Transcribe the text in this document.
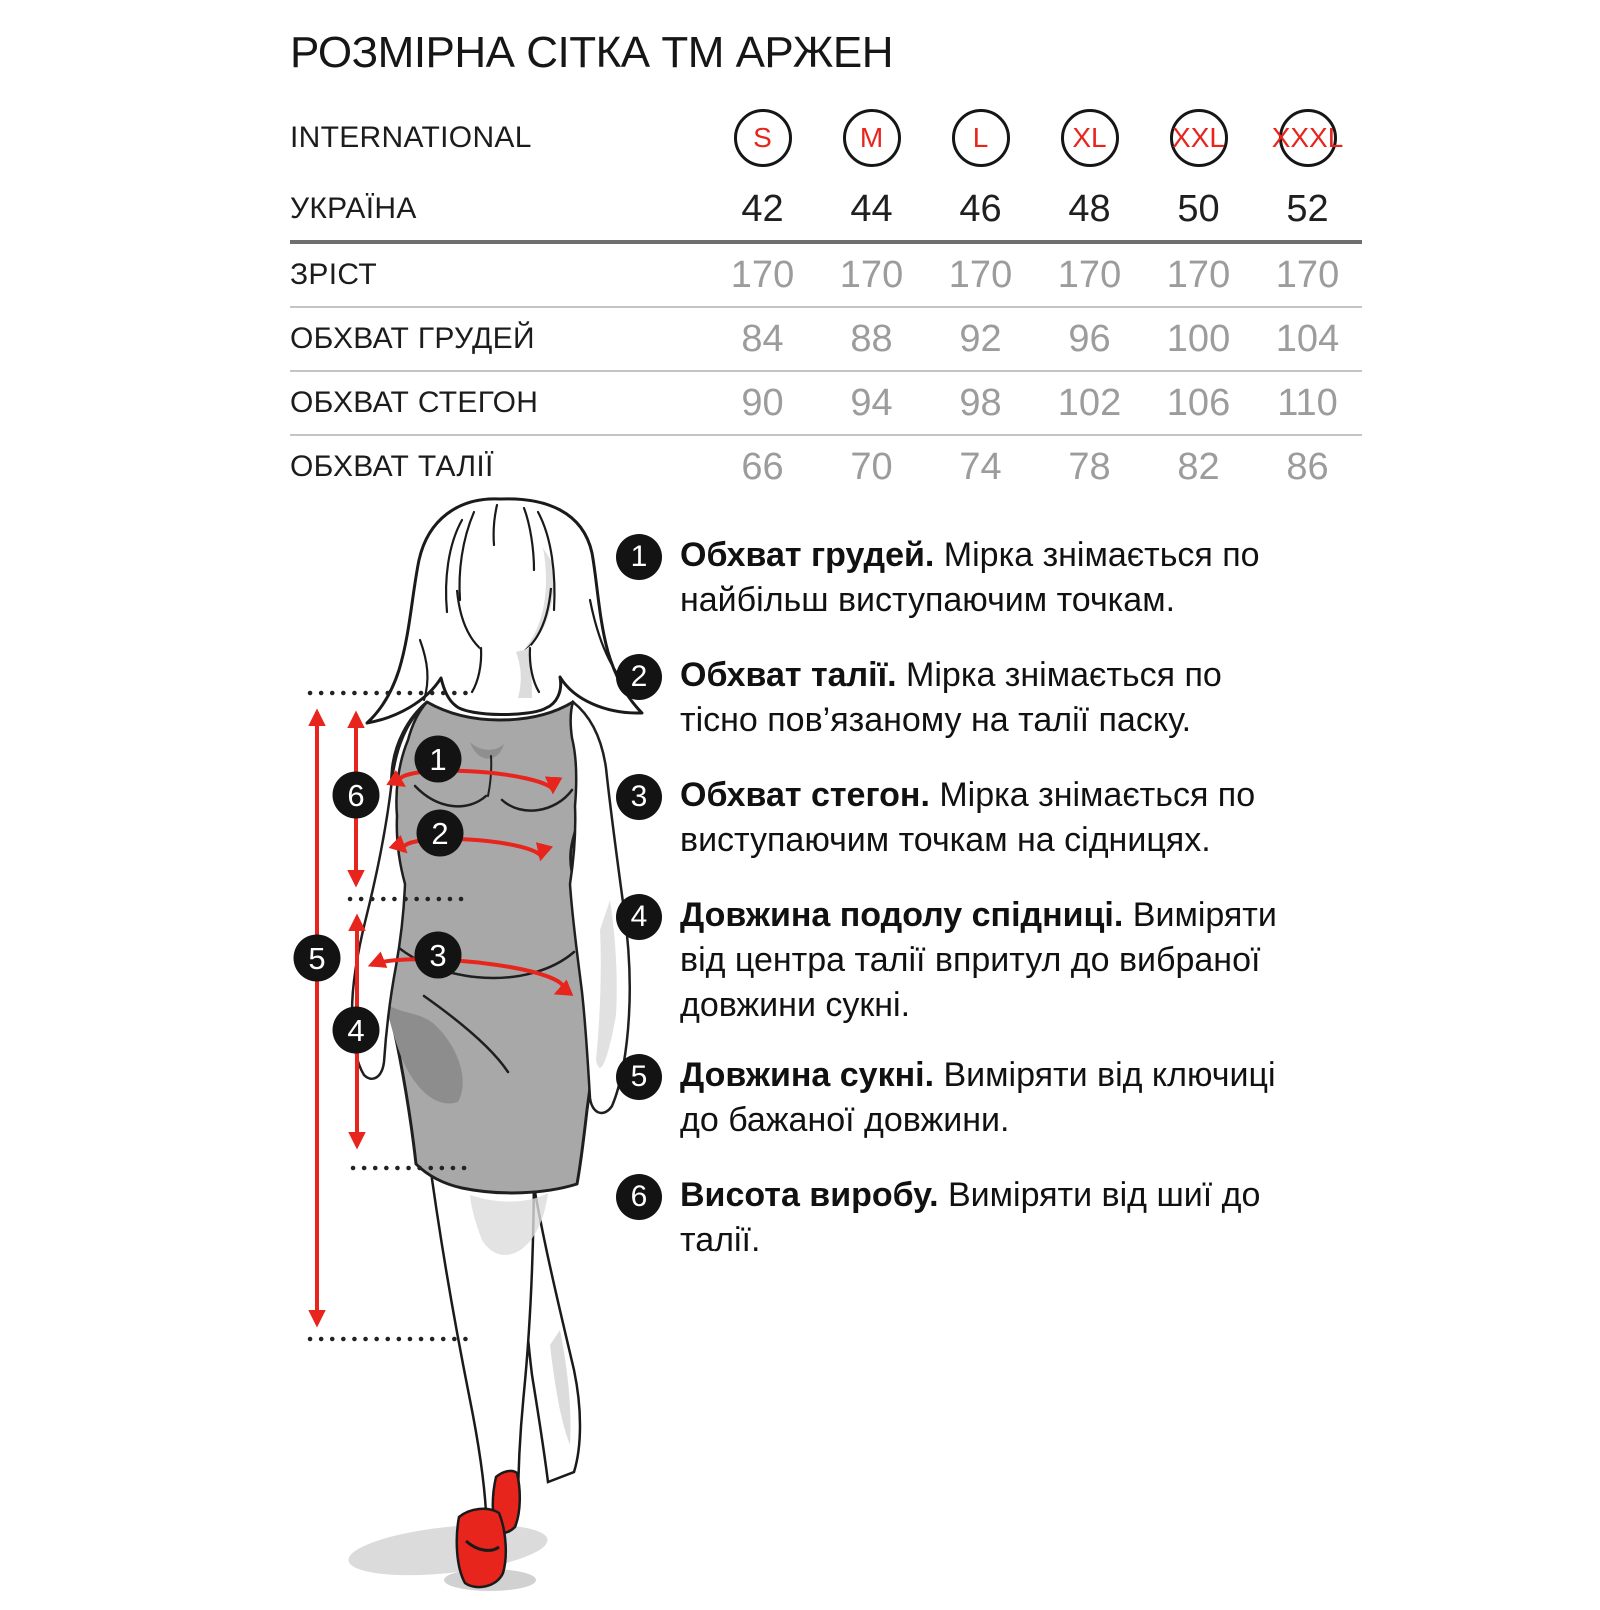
РОЗМІРНА СІТКА ТМ АРЖЕН
INTERNATIONAL	S	M	L	XL XXL XXXL
УКРАЇНА	42	44	46	48	50	52
ЗРІСТ	170	170	170	170	170	170
ОБХВАТ ГРУДЕЙ	84	88	92	96	100	104
ОБХВАТ СТЕГОН	90	94	98	102	106	110
ОБХВАТ ТАЛІЇ	66	70	74	78	82	86
1
2
3
4
5
6
1 Обхват грудей. Мірка знімається по найбільш виступаючим точкам.
2 Обхват талії. Мірка знімається по тісно пов’язаному на талії паску.
3 Обхват стегон. Мірка знімається по виступаючим точкам на сідницях.
4 Довжина подолу спідниці. Виміряти від центра талії впритул до вибраної довжини сукні.
5 Довжина сукні. Виміряти від ключиці до бажаної довжини.
6 Висота виробу. Виміряти від шиї до талії.
